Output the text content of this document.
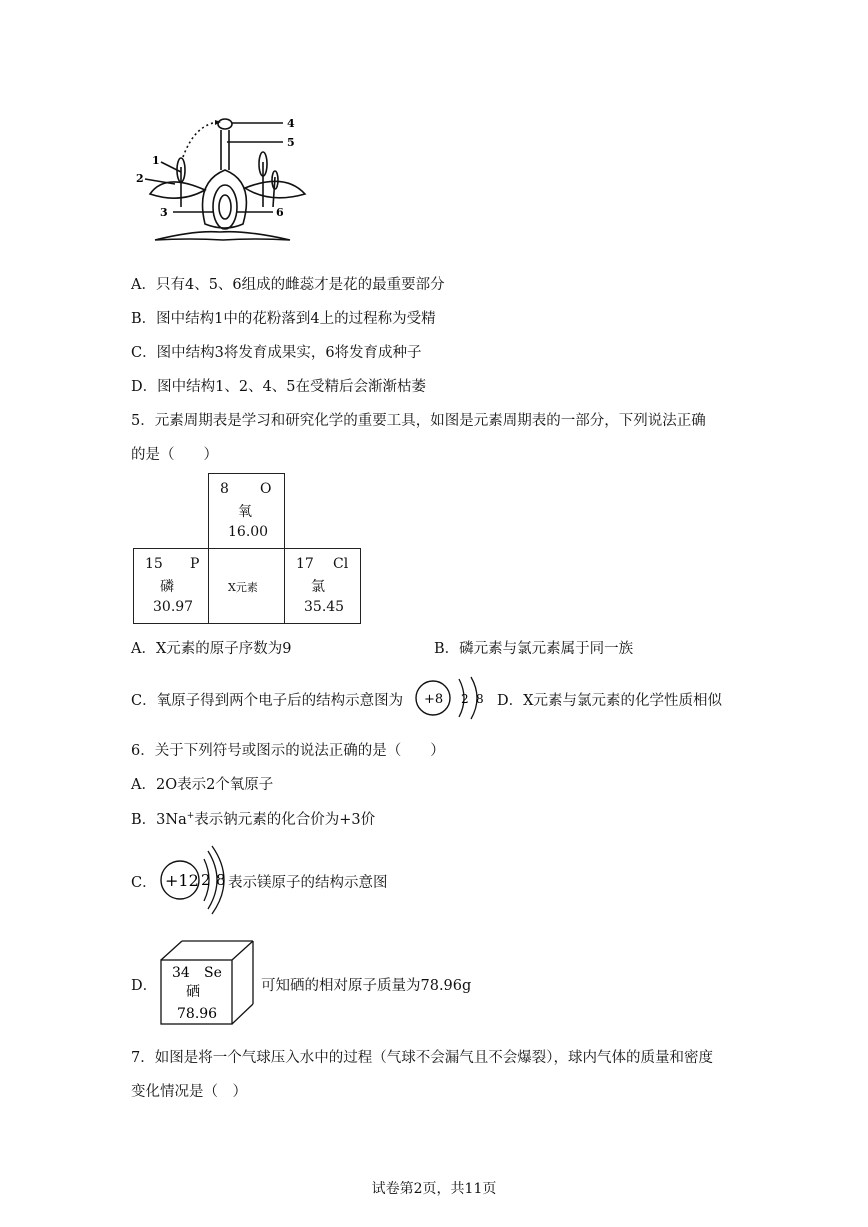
1
2
3
4
5
6
A．只有4、5、6组成的雌蕊才是花的最重要部分
B．图中结构1中的花粉落到4上的过程称为受精
C．图中结构3将发育成果实，6将发育成种子
D．图中结构1、2、4、5在受精后会渐渐枯萎
5．元素周期表是学习和研究化学的重要工具，如图是元素周期表的一部分，下列说法正确
的是（　　）
8 O
氧
16.00
15 P
磷
30.97
X元素
17 Cl
氯
35.45
A．X元素的原子序数为9	B．磷元素与氯元素属于同一族
C．氧原子得到两个电子后的结构示意图为 +8 2 8 D．X元素与氯元素的化学性质相似
6．关于下列符号或图示的说法正确的是（　　）
A．2O表示2个氧原子
B．3Na+表示钠元素的化合价为+3价
C． +12 2 8 表示镁原子的结构示意图
D．
34 Se
硒
78.96
可知硒的相对原子质量为78.96g
7．如图是将一个气球压入水中的过程（气球不会漏气且不会爆裂），球内气体的质量和密度
变化情况是（　）
试卷第2页，共11页
